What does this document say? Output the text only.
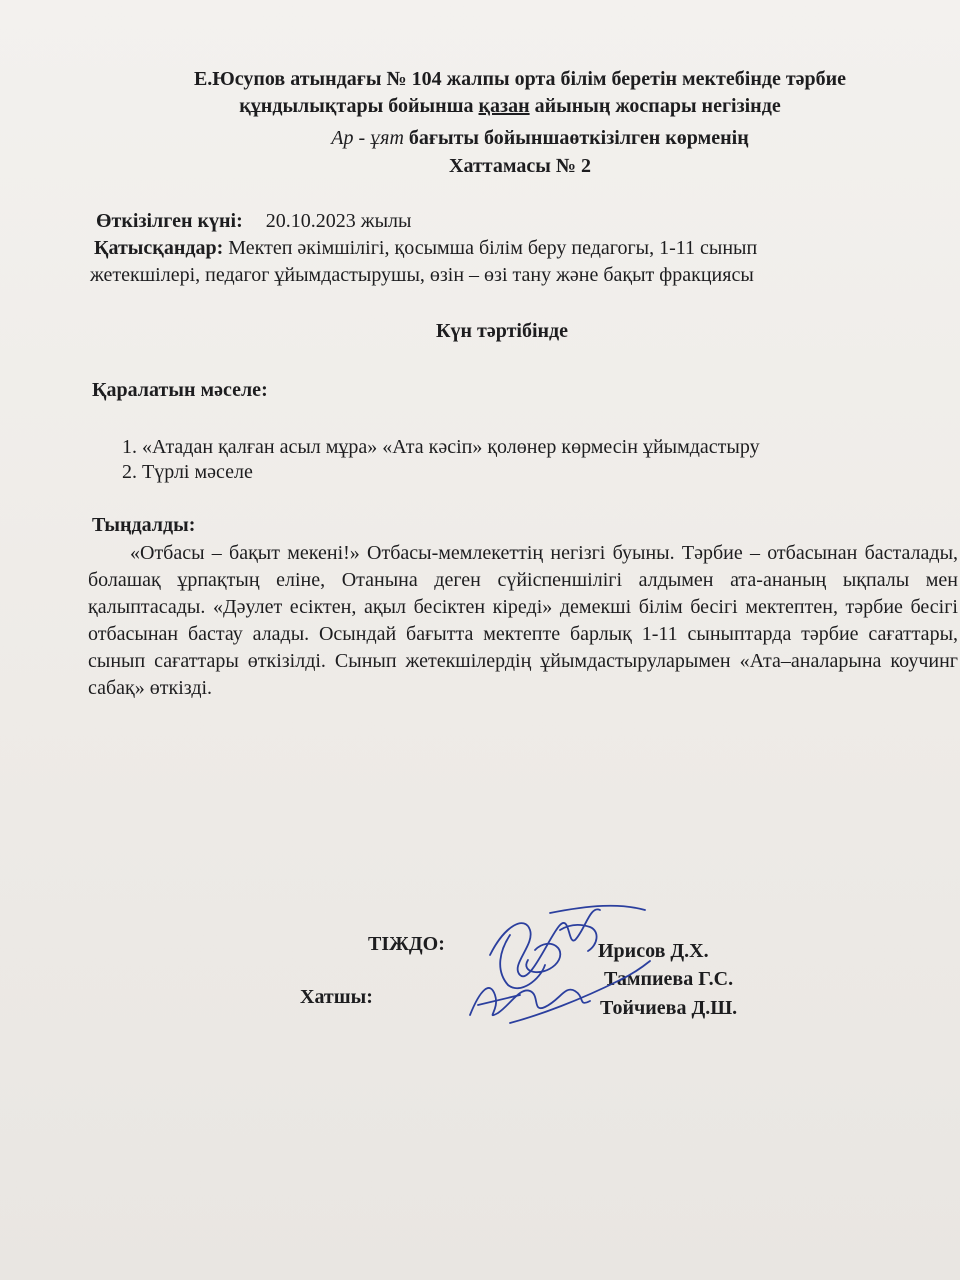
Е.Юсупов атындағы № 104 жалпы орта білім беретін мектебінде тәрбие
құндылықтары бойынша қазан айының жоспары негізінде
Ар - ұят бағыты бойыншаөткізілген көрменің
Хаттамасы № 2
Өткізілген күні: 20.10.2023 жылы
Қатысқандар: Мектеп әкімшілігі, қосымша білім беру педагогы, 1-11 сынып
жетекшілері, педагог ұйымдастырушы, өзін – өзі тану және бақыт фракциясы
Күн тәртібінде
Қаралатын мәселе:
1. «Атадан қалған асыл мұра» «Ата кәсіп» қолөнер көрмесін ұйымдастыру
2. Түрлі мәселе
Тыңдалды:
«Отбасы – бақыт мекені!» Отбасы-мемлекеттің негізгі буыны. Тәрбие – отбасынан басталады, болашақ ұрпақтың еліне, Отанына деген сүйіспеншілігі алдымен ата-ананың ықпалы мен қалыптасады. «Дәулет есіктен, ақыл бесіктен кіреді» демекші білім бесігі мектептен, тәрбие бесігі отбасынан бастау алады. Осындай бағытта мектепте барлық 1-11 сыныптарда тәрбие сағаттары, сынып сағаттары өткізілді. Сынып жетекшілердің ұйымдастыруларымен «Ата–аналарына коучинг сабақ» өткізді.
ТІЖДО:
Хатшы:
Ирисов Д.Х.
Тампиева Г.С.
Тойчиева Д.Ш.
